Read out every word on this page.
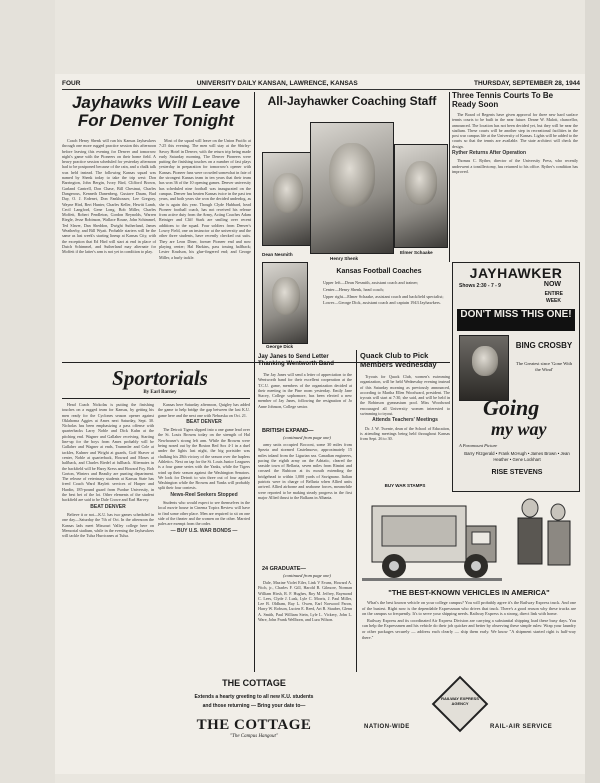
FOUR	UNIVERSITY DAILY KANSAN, LAWRENCE, KANSAS	THURSDAY, SEPTEMBER 28, 1944
Jayhawks Will Leave For Denver Tonight

Coach Henry Shenk will run his Kansas Jayhawkers through one more rugged practice session this afternoon before leaving this evening for Denver and tomorrow night's game with the Pioneers on their home field. A heavy practice session scheduled for yesterday afternoon had to be postponed because of the rain, and a chalk talk was held instead. The following Kansas squad was named by Shenk today to take the trip west: Don Barrington, John Bergin, Ivory Bird, Clifford Brown, Garland Cantrell, Don Chase, Bill Chestnut, Charles Dangerous, Kenneth Danenberg, Gustave Daum, Bud Day, O. J. Erdenet, Don Fankhouser, Lee Gregory, Wayne Hird, Bert Hunter, Charles Keller, Hewitt Lamb, Cecil Langford, Gene Long, Bob Miller, Charles Moffett, Robert Pendleton, Gordon Reynolds, Warren Riegle, Jesse Robinson, Wallace Rouse, John Schimmel, Ted Slaver, Dan Sheddon, Dwight Sutherland, James Weatherby, and Bill Wyatt. Probable starters will be the same as last week's starting lineup at Kansas City, with the exception that Ed Hird will start at end in place of Dutch Schimmel, and Sutherland may alternate for Moffett if the latter's arm is not yet in condition to play.

Most of the squad will leave on the Union Pacific at 7:25 this evening. The men will stay at the Shirley-Savoy Hotel in Denver, with the return trip being made early Saturday morning. The Denver Pioneers were putting the finishing touches on a number of fast plays yesterday in preparation for tomorrow's opener with Kansas. Pioneer fans were crowded somewhat in fate of the strongest Kansas team in ten years that their team has won 36 of the 10 opening games. Denver university has scheduled nine football was inaugurated on the campus. Denver has beaten Kansas twice in the past ten years, and both years she won the decided underdog, as she is again this year. Though Clyde Hubbard, head Pioneer football coach, has not received his release from active duty from the Army, Acting Coaches Adam Reiniger and Cliff Stark are smiling over recent additions to the squad. Four soldiers from Denver's Lowry Field, one an instructor at the university and the other three students, have recently checked out suits. They are Leon Diner, former Pioneer end and now playing center; Hal Harkins, pass tossing halfback; Lester Krudson, his glue-fingered end; and George Miller, a burly tackle.

All-Jayhawker Coaching Staff
Dean Nesmith
Henry Shenk
Elmer Schaake
George Dick
Kansas Football Coaches

Upper left—Dean Nesmith, assistant coach and trainer;

Center—Henry Shenk, head coach;

Upper right—Elmer Schaake, assistant coach and backfield specialist;

Lower—George Dick, assistant coach and captain 1943 Jayhawkers.

Three Tennis Courts To Be Ready Soon

The Board of Regents have given approval for three new hard surface tennis courts to be built in the near future. Deane W. Malott, chancellor, announced. The location has not been decided yet, but they will be near the stadium. These courts will be another step in recreational facilities in the post war campus life at the University of Kansas. Lights will be added to the courts so that the tennis are available. The state architect will check the design.

Ryther Returns After Operation

Thomas C. Ryther, director of the University Press, who recently underwent a tonsillectomy, has returned to his office. Ryther's condition has improved.

JAYHAWKER
Shows 2:30 - 7 - 9	NOW
ENTIRE
WEEK
DON'T MISS THIS ONE!
BING CROSBY
The Greatest since 'Gone With the Wind'
Going
my way
A Paramount Picture
Barry Fitzgerald • Frank McHugh • James Brown • Jean Heather • Gene Lockhart
RISE STEVENS
Sportorials
By Earl Barney

Head Coach Nickolas is putting the finishing touches on a rugged team for Kansas, by getting his men ready for the Cyclones season opener against Oklahoma Aggies at Ames next Saturday, Sept. 30. Nicholas has been emphasizing a pass offense with quarterbacks Larry Noble and Dick Kuhn at the pitching end. Wagner and Gallaher receiving. Starting line-up for the boys from Ames probably will be Gallaher and Wagner at ends, Trummler and Cole at tackles, Kuhner and Wright at guards, Goff Shaver at center, Noble at quarterback, Howard and Moses at halfback, and Charles Riedel at fullback. Alternates in the backfield will be Harry Kress and Howard Foy. Bob Gorton, Winters and Beaulty are punting department. The release of veterinary students at Kansas State has freed Coach Ward Haylett services of Harper and Hardin, 185-pound guard from Purdue University, in the best bet of the lot. Other elements of the student backfield are said to be Dale Crowe and Earl Harvey.

BEAT DENVER

Believe it or not—K.U. has two games scheduled in one day—Saturday the 7th of Oct. In the afternoon the Kansas lads meet Missouri Valley college here on Memorial stadium, while in the evening the Jayhawkers will tackle the Tulsa Hurricanes at Tulsa.

Kansas here Saturday afternoon, Quigley has added the game to help bridge the gap between the last K.U. game here and the next one with Nebraska on Oct. 21.

BEAT DENVER

The Detroit Tigers slipped into a one game lead over the St. Louis Browns today on the strength of Hal Newhouser's strong left arm. While the Browns were being nosed out by the Boston Red Sox 4-1 in a duel under the lights last night, the big portsider was chalking his 28th victory of the season over the hapless Athletics. Next on tap for the St. Louis Junior Leaguers is a four game series with the Yanks, while the Tigers wind up their season against the Washington Senators. We look for Detroit to win three out of four against Washington while the Browns and Yanks will probably split their four contests.

News-Reel Seekers Stopped

Students who would expect to see themselves in the local movie house in Cinema Topics Review will have to find some other place. Men are required to sit on one side of the theater and the women on the other. Married pales are exempt from the order.

— BUY U.S. WAR BONDS —
Jay Janes to Send Letter Thanking Wentworth Band

The Jay Janes will send a letter of appreciation to the Wentworth band for their excellent cooperation at the T.C.U. game, members of the organization decided at their meeting in the Pine room yesterday. Emily Jane Stacey, College sophomore, has been elected a new member of Jay Janes, following the resignation of Jo Anne Johnson, College senior.

BRITISH EXPAND—
(continued from page one)

army units occupied Bocconi, some 30 miles from Spezia and stormed Castelnuovo, approximately 15 miles inland from the Ligurian sea. Canadian engineers, pacing the eighth army on the Adriatic, cleared the seaside town of Bellaria, seven miles from Rimini and crossed the Rubicon at its mouth extending the bridgehead to within 1,000 yards of Savignano. Italian patriots were in charge of Bellaria when Allied units arrived. Allied airborne and seaborne forces, meanwhile were reported to be making steady progress in the first major Allied thrust to the Balkans in Albania.

24 GRADUATE—
(continued from page one)

Dale, Maxine Violet Eiler, Link V Evans, Howard A. Fitch, jr., Charles F. Gill, Harold B. Gilmore, Norman William Hirsh, R. F. Hughes, Roy M. Jeffrey, Raymond C. Lees, Clyde J. Lusk, Lyle C. Morris, J. Paul Miller, Lee B. Oldham, Ray L. Owen, Earl Norwood Paron, Harry W. Robson, Lucien E. Reed, Art B. Stauber, Glenn A. Smith, Paul William Stein, Lyle L. Vickery, John L. Ware, John Frank Wellborn, and Lura Wilson.

Quack Club to Pick Members Wednesday

Tryouts for Quack Club, women's swimming organization, will be held Wednesday evening instead of this Saturday morning as previously announced, according to Martha Ellen Woodward, president. The tryouts will start at 7:30, she said, and will be held in the Robinson gymnasium pool. Miss Woodward encouraged all University women interested to swimming to tryout.

Attends Teachers' Meetings

Dr. J. W. Twente, dean of the School of Education, is attending meetings being held throughout Kansas from Sept. 26 to 30.

BUY WAR STAMPS
"THE BEST-KNOWN VEHICLES IN AMERICA"

What's the best known vehicle on your college campus? You will probably agree it's the Railway Express truck. And one of the busiest. Right now is the dependable Expressman who drives that truck. There's a good reason why these trucks are on the campus so frequently. It's to serve your shipping needs. Railway Express is a strong, direct link with home.

Railway Express and its coordinated Air Express Division are carrying a substantial shipping load these busy days. You can help the Expressmen and his vehicle do their job quicker and better by observing these simple rules: Wrap your laundry or other packages securely — address each clearly — ship them early. We know "A shipment started right is half-way there."

RAILWAY EXPRESS AGENCY
NATION-WIDE	RAIL-AIR SERVICE
THE COTTAGE
Extends a hearty greeting to all new K.U. students
and those returning — Bring your date to—
THE COTTAGE
"The Campus Hangout"
